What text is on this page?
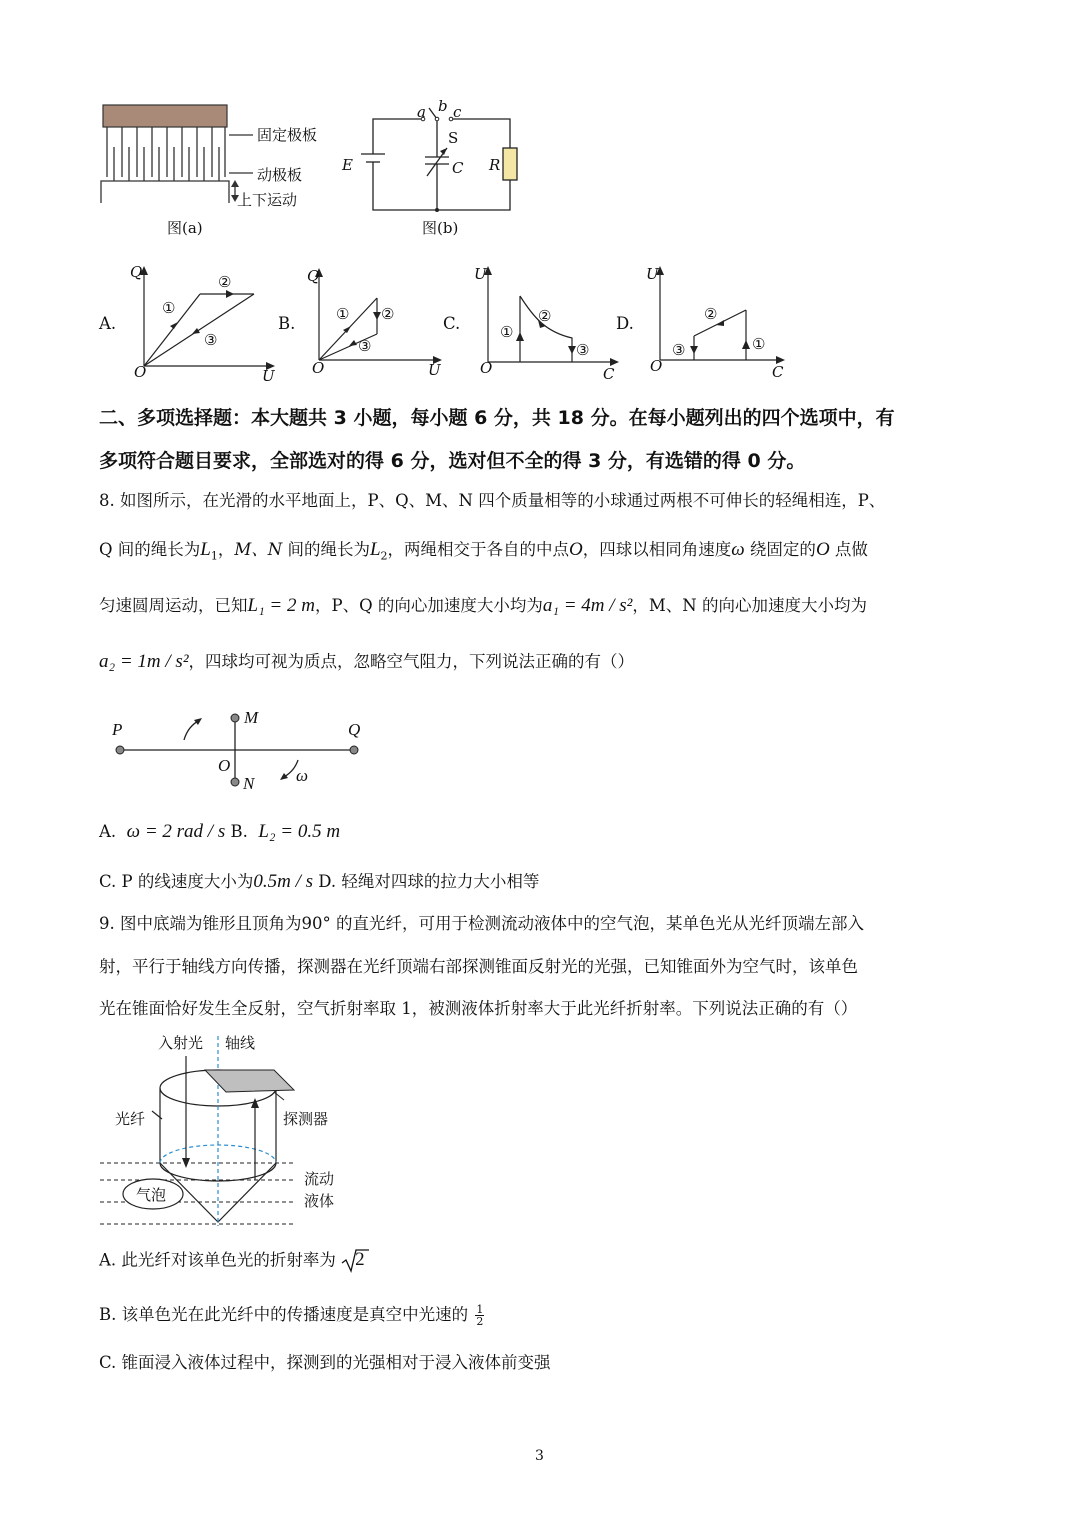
固定极板
动极板
上下运动
图(a)
a b c
S
E	C R
图(b)
A.
Q
U
O
①
②
③
B.
Q
U
O
① ②
③
C.
U
C
O
①
②
③
D.
U
C
O
②
③	①
二、多项选择题：本大题共 3 小题，每小题 6 分，共 18 分。在每小题列出的四个选项中，有
多项符合题目要求，全部选对的得 6 分，选对但不全的得 3 分，有选错的得 0 分。
8. 如图所示，在光滑的水平地面上，P、Q、M、N 四个质量相等的小球通过两根不可伸长的轻绳相连，P、
Q 间的绳长为$L_1$，M、N 间的绳长为$L_2$，两绳相交于各自的中点O，四球以相同角速度ω 绕固定的O 点做
匀速圆周运动，已知L₁ = 2 m，P、Q 的向心加速度大小均为a₁ = 4m / s²，M、N 的向心加速度大小均为
a₂ = 1m / s²，四球均可视为质点，忽略空气阻力，下列说法正确的有（）
P	Q
M
N
O
ω
A. ω = 2 rad / s B. L₂ = 0.5 m
C. P 的线速度大小为0.5m / s D. 轻绳对四球的拉力大小相等
9. 图中底端为锥形且顶角为90° 的直光纤，可用于检测流动液体中的空气泡，某单色光从光纤顶端左部入
射，平行于轴线方向传播，探测器在光纤顶端右部探测锥面反射光的光强，已知锥面外为空气时，该单色
光在锥面恰好发生全反射，空气折射率取 1，被测液体折射率大于此光纤折射率。下列说法正确的有（）
入射光 轴线
光纤	探测器
流动
液体
气泡
A. 此光纤对该单色光的折射率为 2
B. 该单色光在此光纤中的传播速度是真空中光速的 $\frac{1}{2}$
C. 锥面浸入液体过程中，探测到的光强相对于浸入液体前变强
3
